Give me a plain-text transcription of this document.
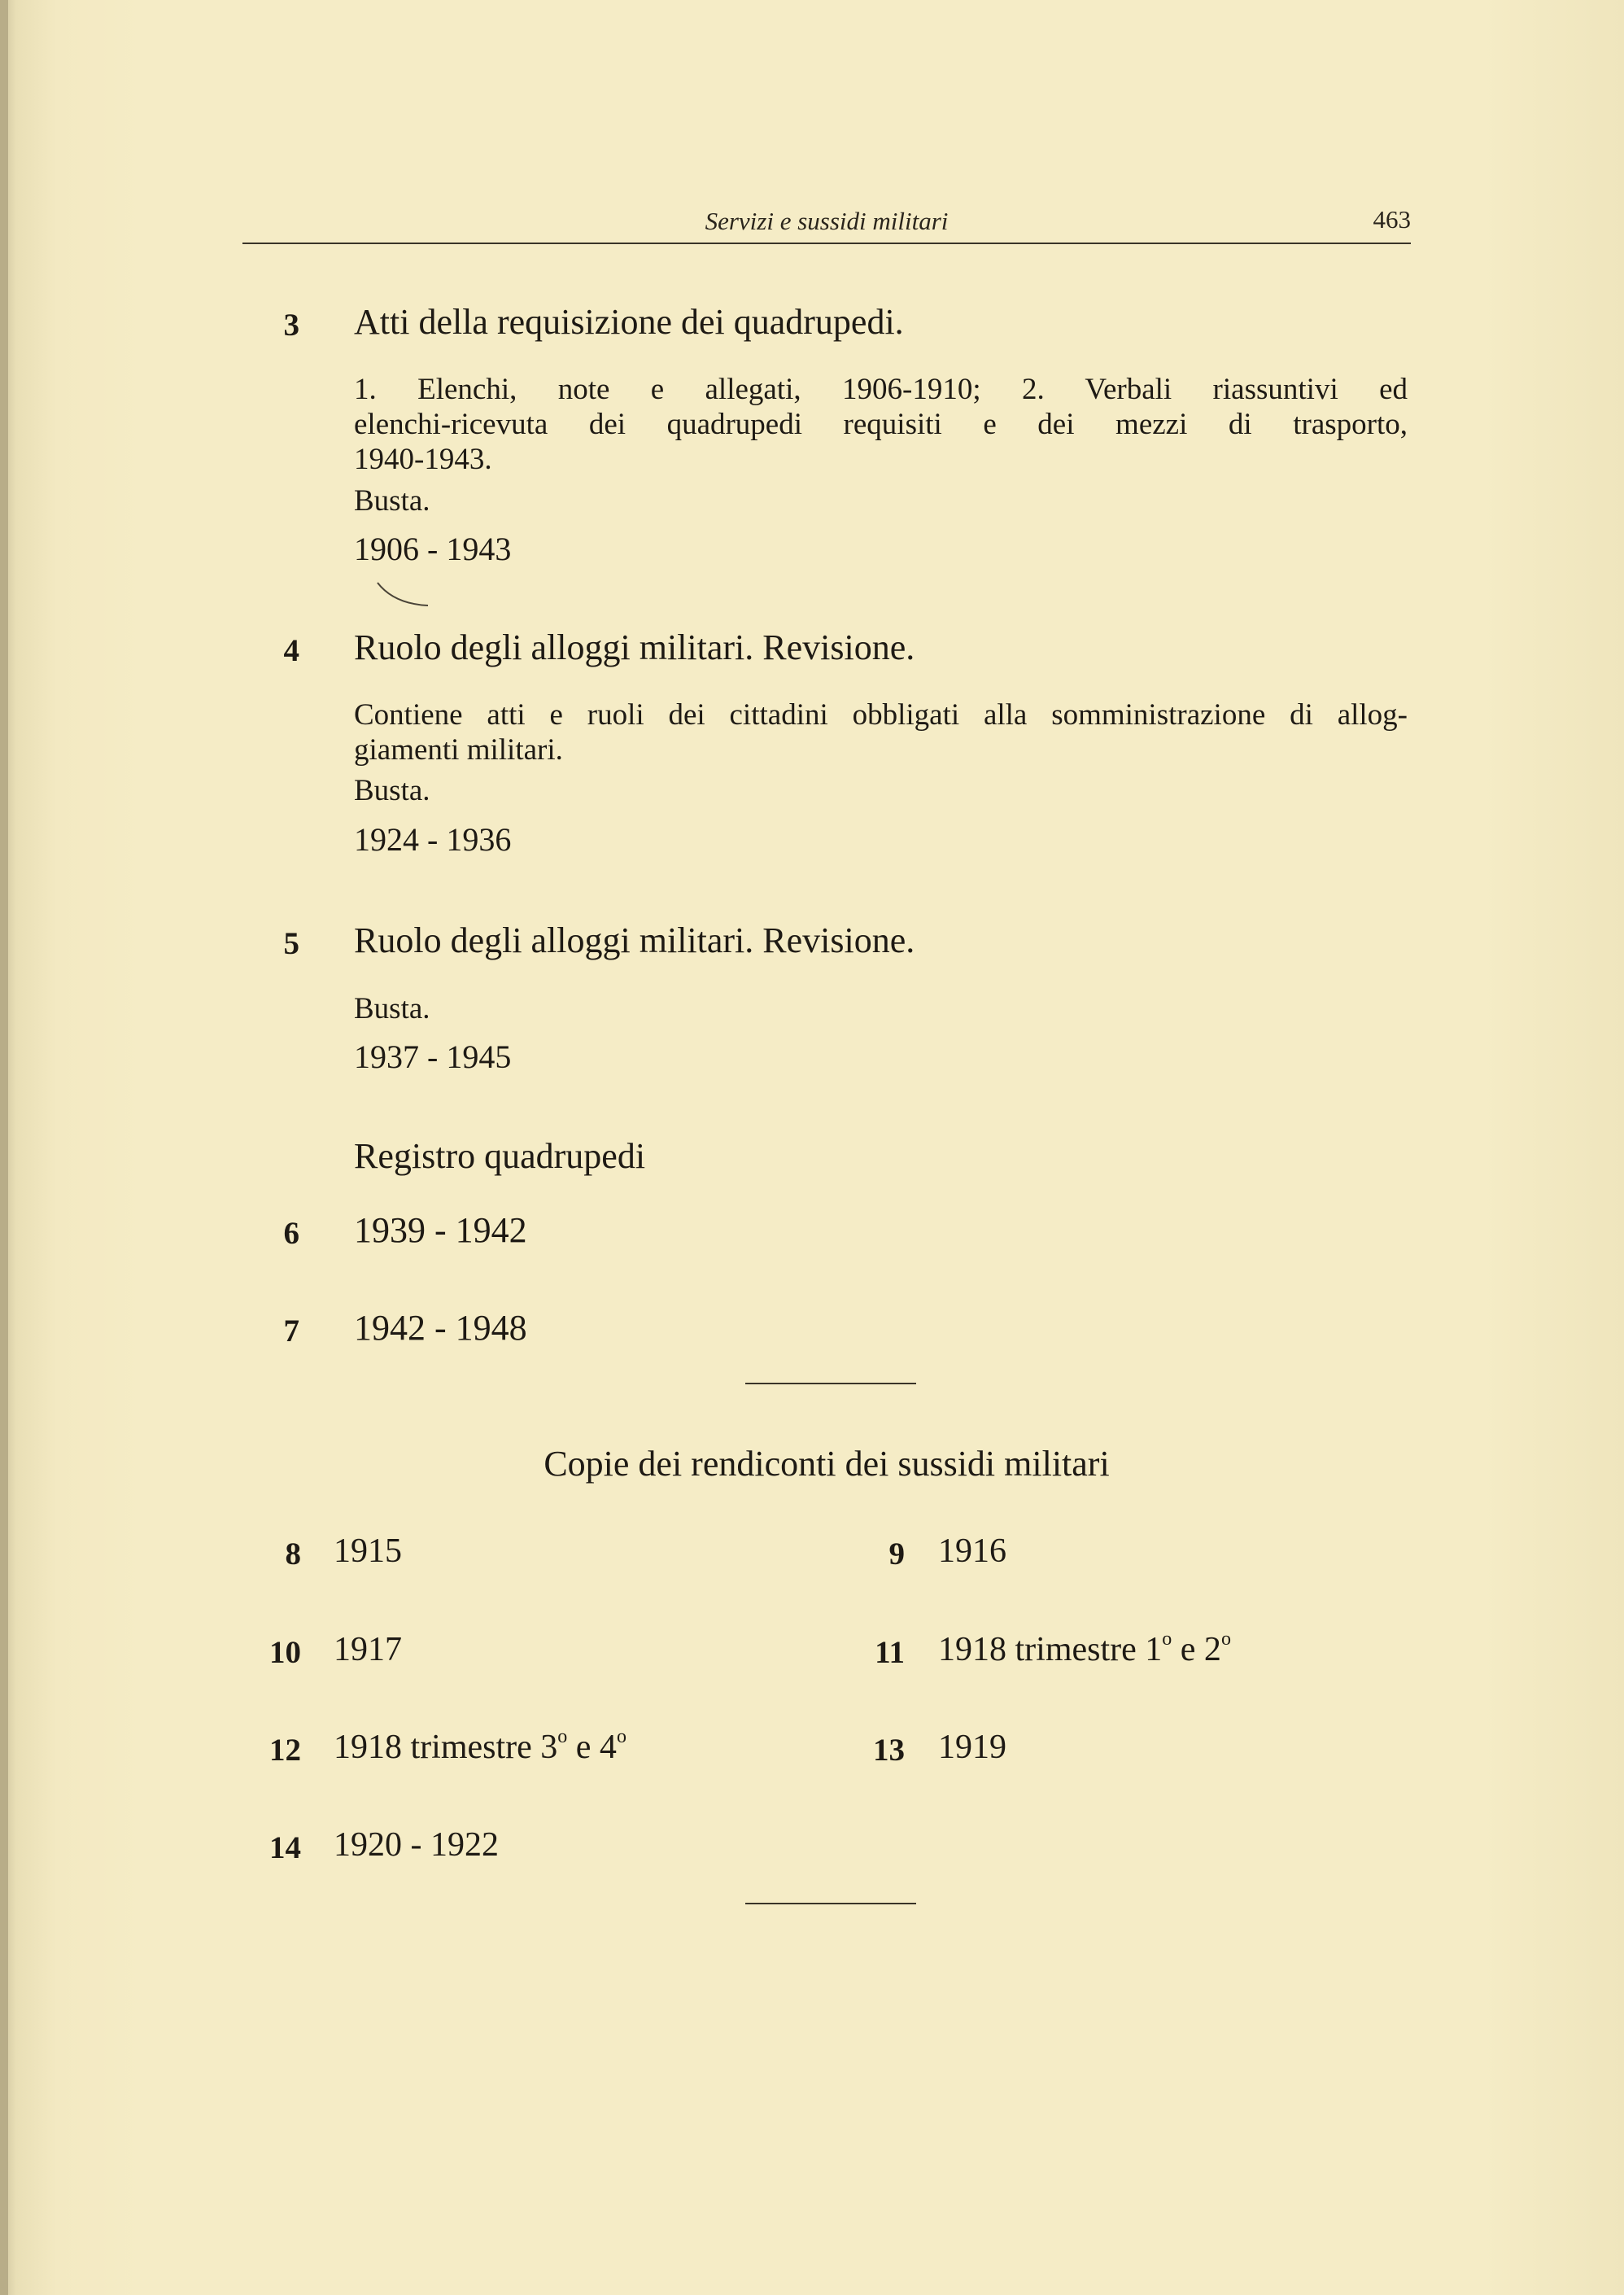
Servizi e sussidi militari	463
3 Atti della requisizione dei quadrupedi.
1. Elenchi, note e allegati, 1906-1910; 2. Verbali riassuntivi ed
elenchi-ricevuta dei quadrupedi requisiti e dei mezzi di trasporto,
1940-1943.
Busta.
1906 - 1943
4 Ruolo degli alloggi militari. Revisione.
Contiene atti e ruoli dei cittadini obbligati alla somministrazione di allog-
giamenti militari.
Busta.
1924 - 1936
5 Ruolo degli alloggi militari. Revisione.
Busta.
1937 - 1945
Registro quadrupedi
6 1939 - 1942
7 1942 - 1948
Copie dei rendiconti dei sussidi militari
8 1915	9 1916
10 1917	11 1918 trimestre 1$^o$ e 2$^o$
12 1918 trimestre 3$^o$ e 4$^o$	13 1919
14 1920 - 1922
